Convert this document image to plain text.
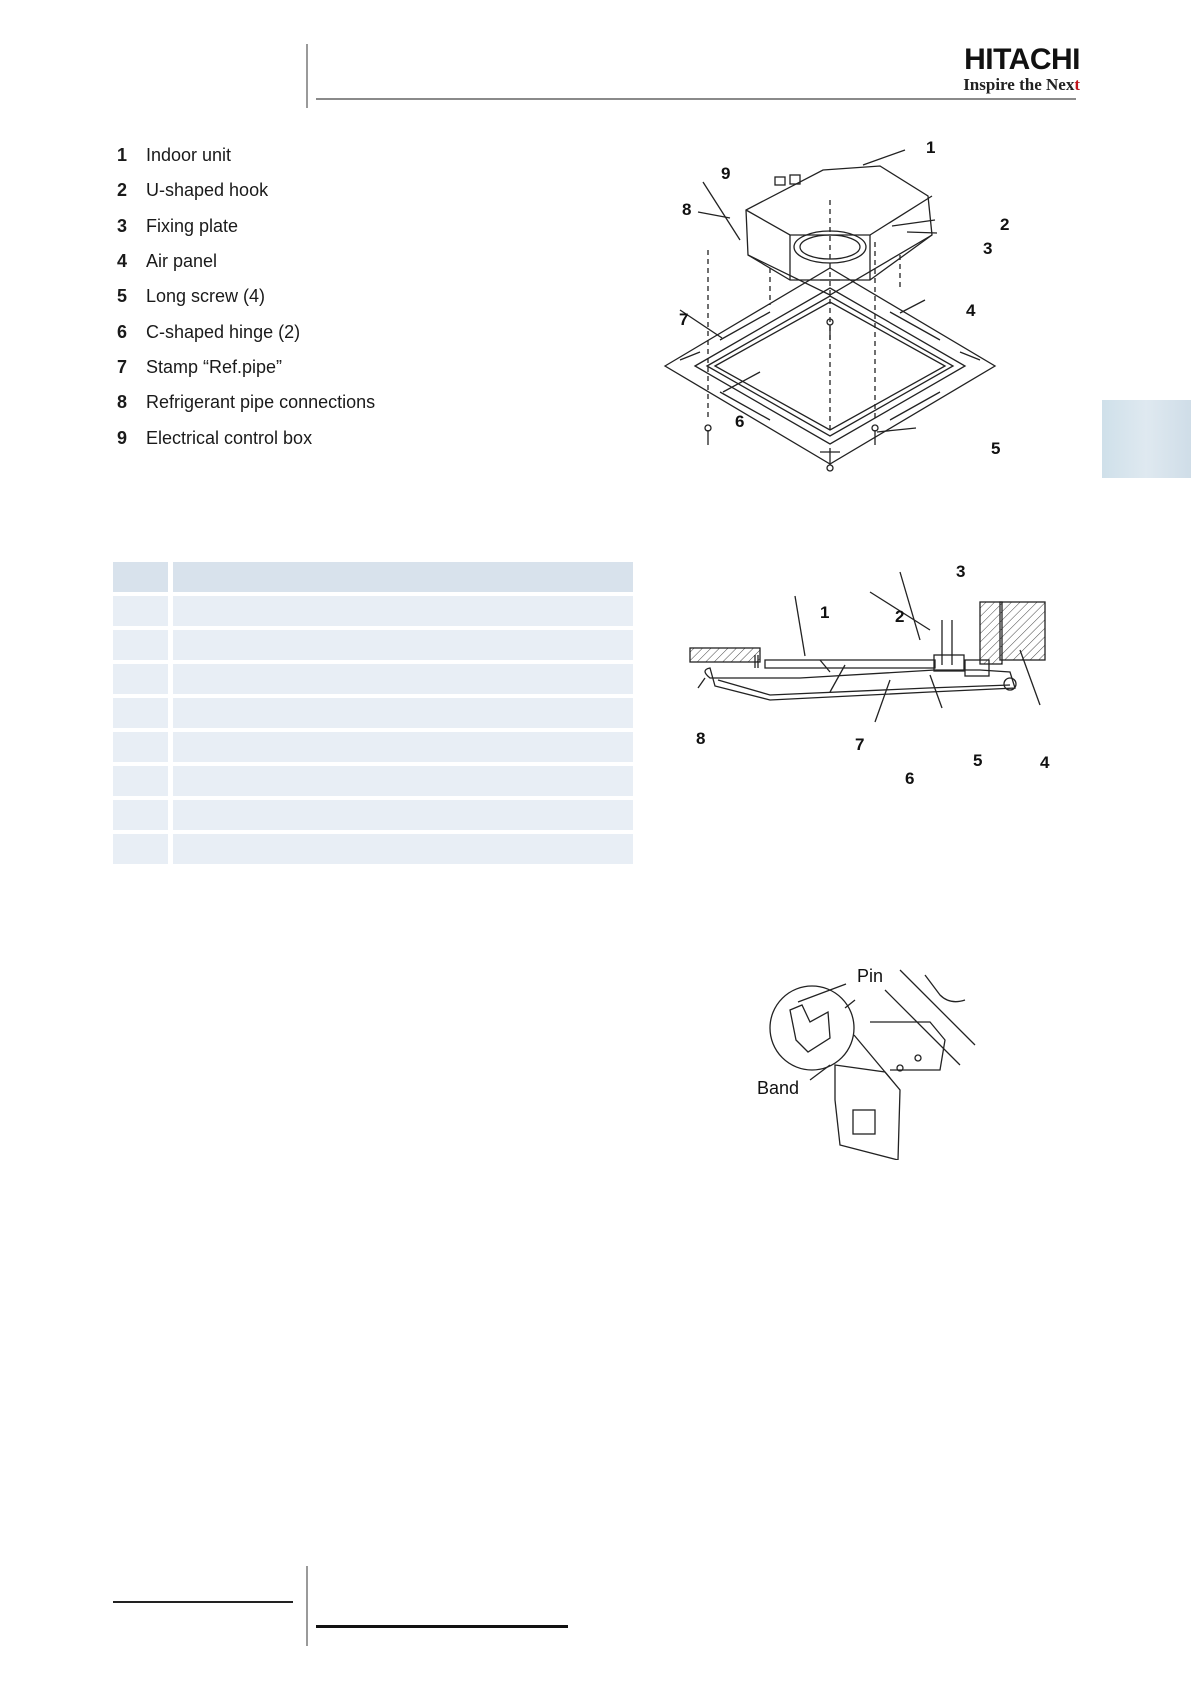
HITACHI
Inspire the Next
1	Indoor unit
2	U-shaped hook
3	Fixing plate
4	Air panel
5	Long screw (4)
6	C-shaped hinge (2)
7	Stamp “Ref.pipe”
8	Refrigerant pipe connections
9	Electrical control box
1
2
3
4
5
6
7
8
9
1	2
3
4
5
6
7
8
Pin
Band
